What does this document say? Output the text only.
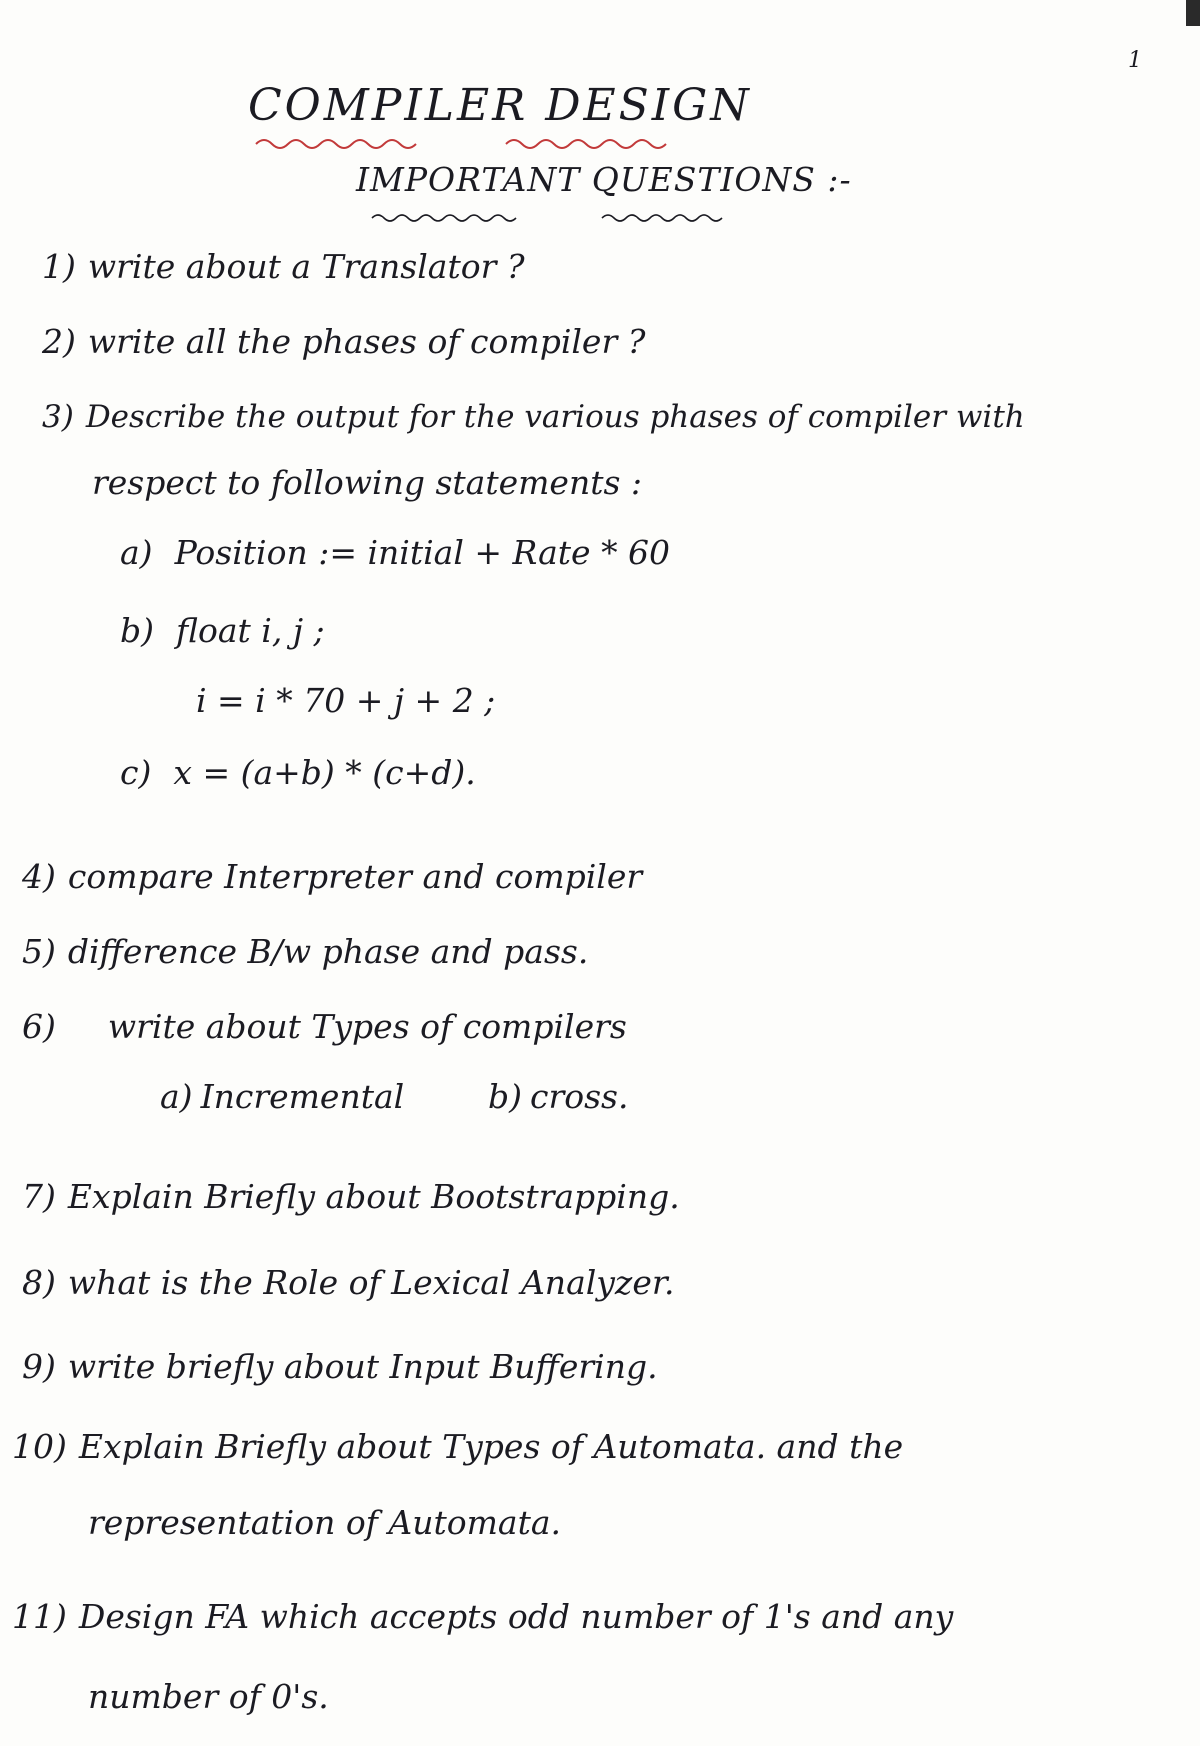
1
COMPILER DESIGN
IMPORTANT QUESTIONS :-
1) write about a Translator ?
2) write all the phases of compiler ?
3) Describe the output for the various phases of compiler with
respect to following statements :
a) Position := initial + Rate * 60
b) float i, j ;
i = i * 70 + j + 2 ;
c) x = (a+b) * (c+d).
4) compare Interpreter and compiler
5) difference B/w phase and pass.
6) write about Types of compilers
a) Incremental	b) cross.
7) Explain Briefly about Bootstrapping.
8) what is the Role of Lexical Analyzer.
9) write briefly about Input Buffering.
10) Explain Briefly about Types of Automata. and the
representation of Automata.
11) Design FA which accepts odd number of 1's and any
number of 0's.
